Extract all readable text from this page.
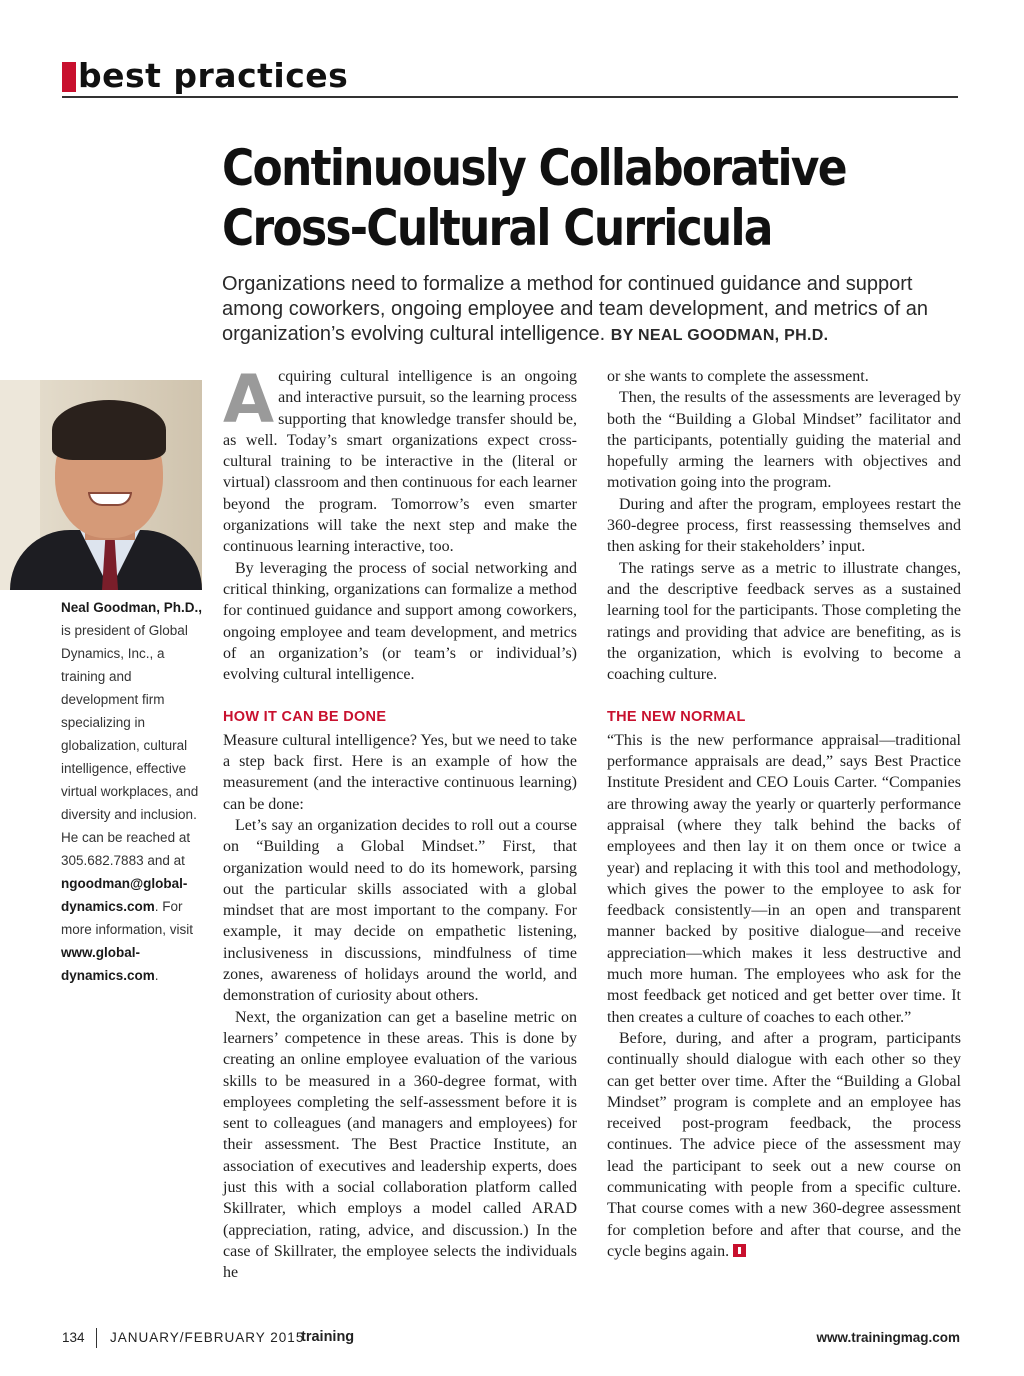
best practices
Continuously Collaborative
Cross-Cultural Curricula
Organizations need to formalize a method for continued guidance and support among coworkers, ongoing employee and team development, and metrics of an organization’s evolving cultural intelligence. BY NEAL GOODMAN, PH.D.
Neal Goodman, Ph.D., is president of Global Dynamics, Inc., a training and development firm specializing in globalization, cultural intelligence, effective virtual workplaces, and diversity and inclusion. He can be reached at 305.682.7883 and at ngoodman@global-dynamics.com. For more information, visit www.global-dynamics.com.

Acquiring cultural intelligence is an ongoing and interactive pursuit, so the learning process supporting that knowledge transfer should be, as well. Today’s smart organizations expect cross-cultural training to be interactive in the (literal or virtual) classroom and then continuous for each learner beyond the program. Tomorrow’s even smarter organizations will take the next step and make the continuous learning interactive, too.

By leveraging the process of social networking and critical thinking, organizations can formalize a method for continued guidance and support among coworkers, ongoing employee and team development, and metrics of an organization’s (or team’s or individual’s) evolving cultural intelligence.

HOW IT CAN BE DONE

Measure cultural intelligence? Yes, but we need to take a step back first. Here is an example of how the measurement (and the interactive continuous learning) can be done:

Let’s say an organization decides to roll out a course on “Building a Global Mindset.” First, that organization would need to do its homework, parsing out the particular skills associated with a global mindset that are most important to the company. For example, it may decide on empathetic listening, inclusiveness in discussions, mindfulness of time zones, awareness of holidays around the world, and demonstration of curiosity about others.

Next, the organization can get a baseline metric on learners’ competence in these areas. This is done by creating an online employee evaluation of the various skills to be measured in a 360-degree format, with employees completing the self-assessment before it is sent to colleagues (and managers and employees) for their assessment. The Best Practice Institute, an association of executives and leadership experts, does just this with a social collaboration platform called Skillrater, which employs a model called ARAD (appreciation, rating, advice, and discussion.) In the case of Skillrater, the employee selects the individuals he

or she wants to complete the assessment.

Then, the results of the assessments are leveraged by both the “Building a Global Mindset” facilitator and the participants, potentially guiding the material and hopefully arming the learners with objectives and motivation going into the program.

During and after the program, employees restart the 360-degree process, first reassessing themselves and then asking for their stakeholders’ input.

The ratings serve as a metric to illustrate changes, and the descriptive feedback serves as a sustained learning tool for the participants. Those completing the ratings and providing that advice are benefiting, as is the organization, which is evolving to become a coaching culture.

THE NEW NORMAL

“This is the new performance appraisal—traditional performance appraisals are dead,” says Best Practice Institute President and CEO Louis Carter. “Companies are throwing away the yearly or quarterly performance appraisal (where they talk behind the backs of employees and then lay it on them once or twice a year) and replacing it with this tool and methodology, which gives the power to the employee to ask for feedback consistently—in an open and transparent manner backed by positive dialogue—and receive appreciation—which makes it less destructive and much more human. The employees who ask for the most feedback get noticed and get better over time. It then creates a culture of coaches to each other.”

Before, during, and after a program, participants continually should dialogue with each other so they can get better over time. After the “Building a Global Mindset” program is complete and an employee has received post-program feedback, the process continues. The advice piece of the assessment may lead the participant to seek out a new course on communicating with people from a specific culture. That course comes with a new 360-degree assessment for completion before and after that course, and the cycle begins again.

134 JANUARY/FEBRUARY 2015
training	www.trainingmag.com
